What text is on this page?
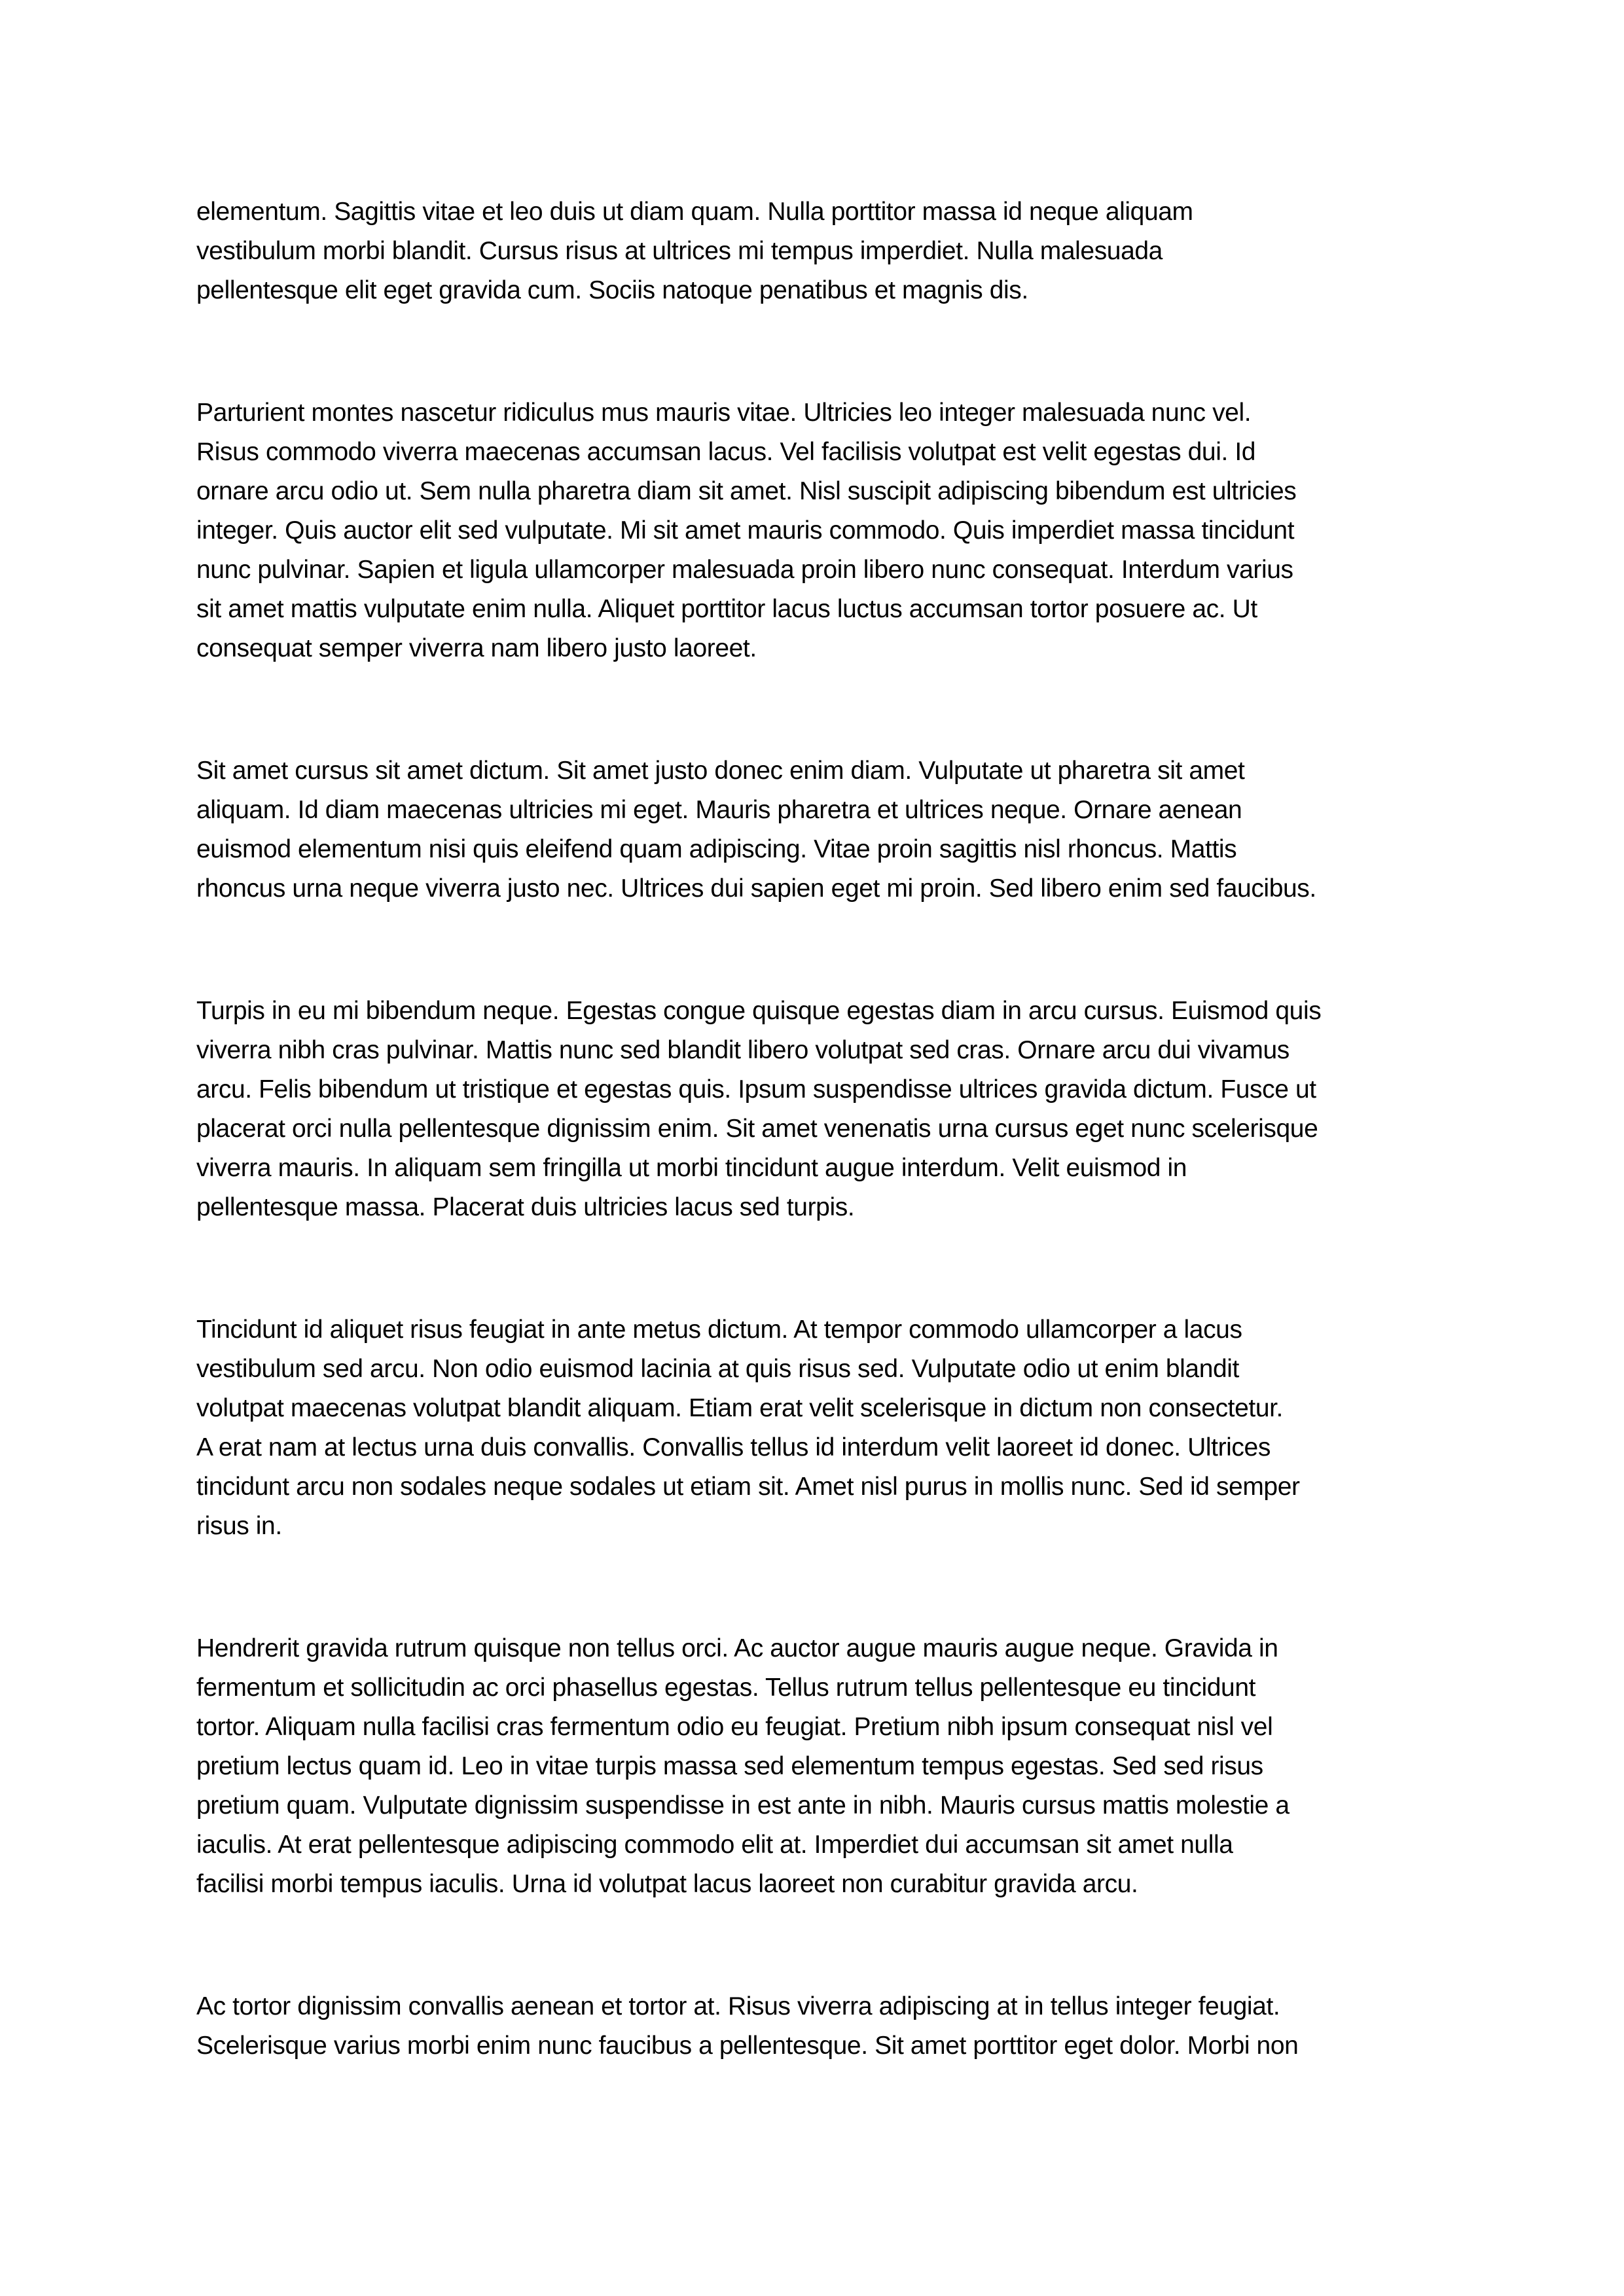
elementum. Sagittis vitae et leo duis ut diam quam. Nulla porttitor massa id neque aliquam
vestibulum morbi blandit. Cursus risus at ultrices mi tempus imperdiet. Nulla malesuada
pellentesque elit eget gravida cum. Sociis natoque penatibus et magnis dis.

Parturient montes nascetur ridiculus mus mauris vitae. Ultricies leo integer malesuada nunc vel.
Risus commodo viverra maecenas accumsan lacus. Vel facilisis volutpat est velit egestas dui. Id
ornare arcu odio ut. Sem nulla pharetra diam sit amet. Nisl suscipit adipiscing bibendum est ultricies
integer. Quis auctor elit sed vulputate. Mi sit amet mauris commodo. Quis imperdiet massa tincidunt
nunc pulvinar. Sapien et ligula ullamcorper malesuada proin libero nunc consequat. Interdum varius
sit amet mattis vulputate enim nulla. Aliquet porttitor lacus luctus accumsan tortor posuere ac. Ut
consequat semper viverra nam libero justo laoreet.

Sit amet cursus sit amet dictum. Sit amet justo donec enim diam. Vulputate ut pharetra sit amet
aliquam. Id diam maecenas ultricies mi eget. Mauris pharetra et ultrices neque. Ornare aenean
euismod elementum nisi quis eleifend quam adipiscing. Vitae proin sagittis nisl rhoncus. Mattis
rhoncus urna neque viverra justo nec. Ultrices dui sapien eget mi proin. Sed libero enim sed faucibus.

Turpis in eu mi bibendum neque. Egestas congue quisque egestas diam in arcu cursus. Euismod quis
viverra nibh cras pulvinar. Mattis nunc sed blandit libero volutpat sed cras. Ornare arcu dui vivamus
arcu. Felis bibendum ut tristique et egestas quis. Ipsum suspendisse ultrices gravida dictum. Fusce ut
placerat orci nulla pellentesque dignissim enim. Sit amet venenatis urna cursus eget nunc scelerisque
viverra mauris. In aliquam sem fringilla ut morbi tincidunt augue interdum. Velit euismod in
pellentesque massa. Placerat duis ultricies lacus sed turpis.

Tincidunt id aliquet risus feugiat in ante metus dictum. At tempor commodo ullamcorper a lacus
vestibulum sed arcu. Non odio euismod lacinia at quis risus sed. Vulputate odio ut enim blandit
volutpat maecenas volutpat blandit aliquam. Etiam erat velit scelerisque in dictum non consectetur.
A erat nam at lectus urna duis convallis. Convallis tellus id interdum velit laoreet id donec. Ultrices
tincidunt arcu non sodales neque sodales ut etiam sit. Amet nisl purus in mollis nunc. Sed id semper
risus in.

Hendrerit gravida rutrum quisque non tellus orci. Ac auctor augue mauris augue neque. Gravida in
fermentum et sollicitudin ac orci phasellus egestas. Tellus rutrum tellus pellentesque eu tincidunt
tortor. Aliquam nulla facilisi cras fermentum odio eu feugiat. Pretium nibh ipsum consequat nisl vel
pretium lectus quam id. Leo in vitae turpis massa sed elementum tempus egestas. Sed sed risus
pretium quam. Vulputate dignissim suspendisse in est ante in nibh. Mauris cursus mattis molestie a
iaculis. At erat pellentesque adipiscing commodo elit at. Imperdiet dui accumsan sit amet nulla
facilisi morbi tempus iaculis. Urna id volutpat lacus laoreet non curabitur gravida arcu.

Ac tortor dignissim convallis aenean et tortor at. Risus viverra adipiscing at in tellus integer feugiat.
Scelerisque varius morbi enim nunc faucibus a pellentesque. Sit amet porttitor eget dolor. Morbi non
